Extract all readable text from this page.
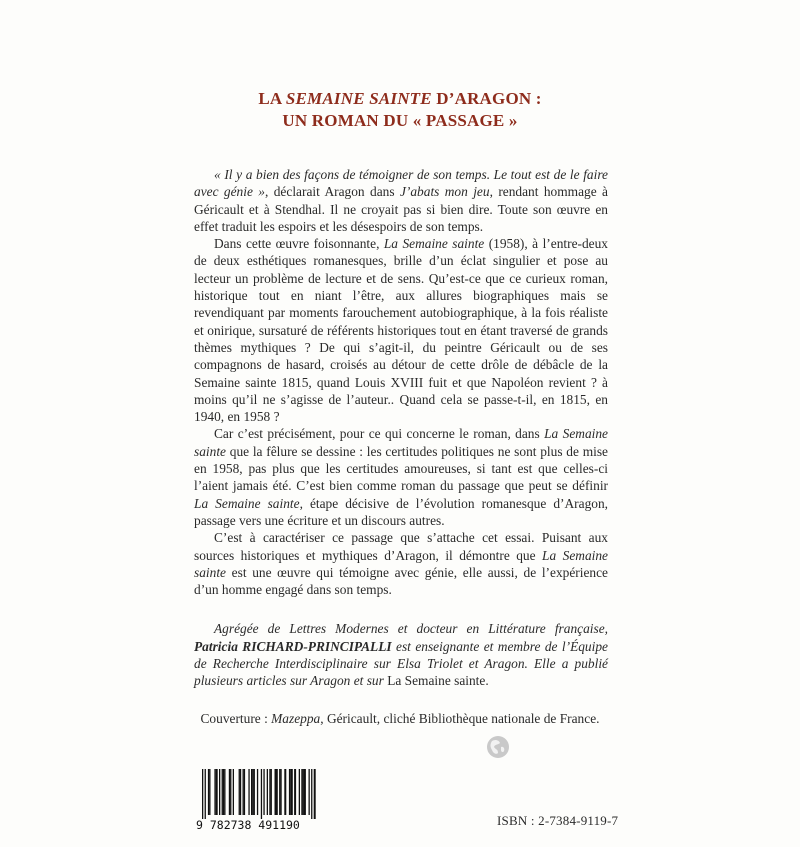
LA SEMAINE SAINTE D’ARAGON :
UN ROMAN DU « PASSAGE »

« Il y a bien des façons de témoigner de son temps. Le tout est de le faire avec génie », déclarait Aragon dans J’abats mon jeu, rendant hommage à Géricault et à Stendhal. Il ne croyait pas si bien dire. Toute son œuvre en effet traduit les espoirs et les désespoirs de son temps.

Dans cette œuvre foisonnante, La Semaine sainte (1958), à l’entre-deux de deux esthétiques romanesques, brille d’un éclat singulier et pose au lecteur un problème de lecture et de sens. Qu’est-ce que ce curieux roman, historique tout en niant l’être, aux allures biographiques mais se revendiquant par moments farouchement autobiographique, à la fois réaliste et onirique, sursaturé de référents historiques tout en étant traversé de grands thèmes mythiques ? De qui s’agit-il, du peintre Géricault ou de ses compagnons de hasard, croisés au détour de cette drôle de débâcle de la Semaine sainte 1815, quand Louis XVIII fuit et que Napoléon revient ? à moins qu’il ne s’agisse de l’auteur.. Quand cela se passe-t-il, en 1815, en 1940, en 1958 ?

Car c’est précisément, pour ce qui concerne le roman, dans La Semaine sainte que la fêlure se dessine : les certitudes politiques ne sont plus de mise en 1958, pas plus que les certitudes amoureuses, si tant est que celles-ci l’aient jamais été. C’est bien comme roman du passage que peut se définir La Semaine sainte, étape décisive de l’évolution romanesque d’Aragon, passage vers une écriture et un discours autres.

C’est à caractériser ce passage que s’attache cet essai. Puisant aux sources historiques et mythiques d’Aragon, il démontre que La Semaine sainte est une œuvre qui témoigne avec génie, elle aussi, de l’expérience d’un homme engagé dans son temps.

Agrégée de Lettres Modernes et docteur en Littérature française, Patricia RICHARD-PRINCIPALLI est enseignante et membre de l’Équipe de Recherche Interdisciplinaire sur Elsa Triolet et Aragon. Elle a publié plusieurs articles sur Aragon et sur La Semaine sainte.

Couverture : Mazeppa, Géricault, cliché Bibliothèque nationale de France.
9 782738 491190	ISBN : 2-7384-9119-7
